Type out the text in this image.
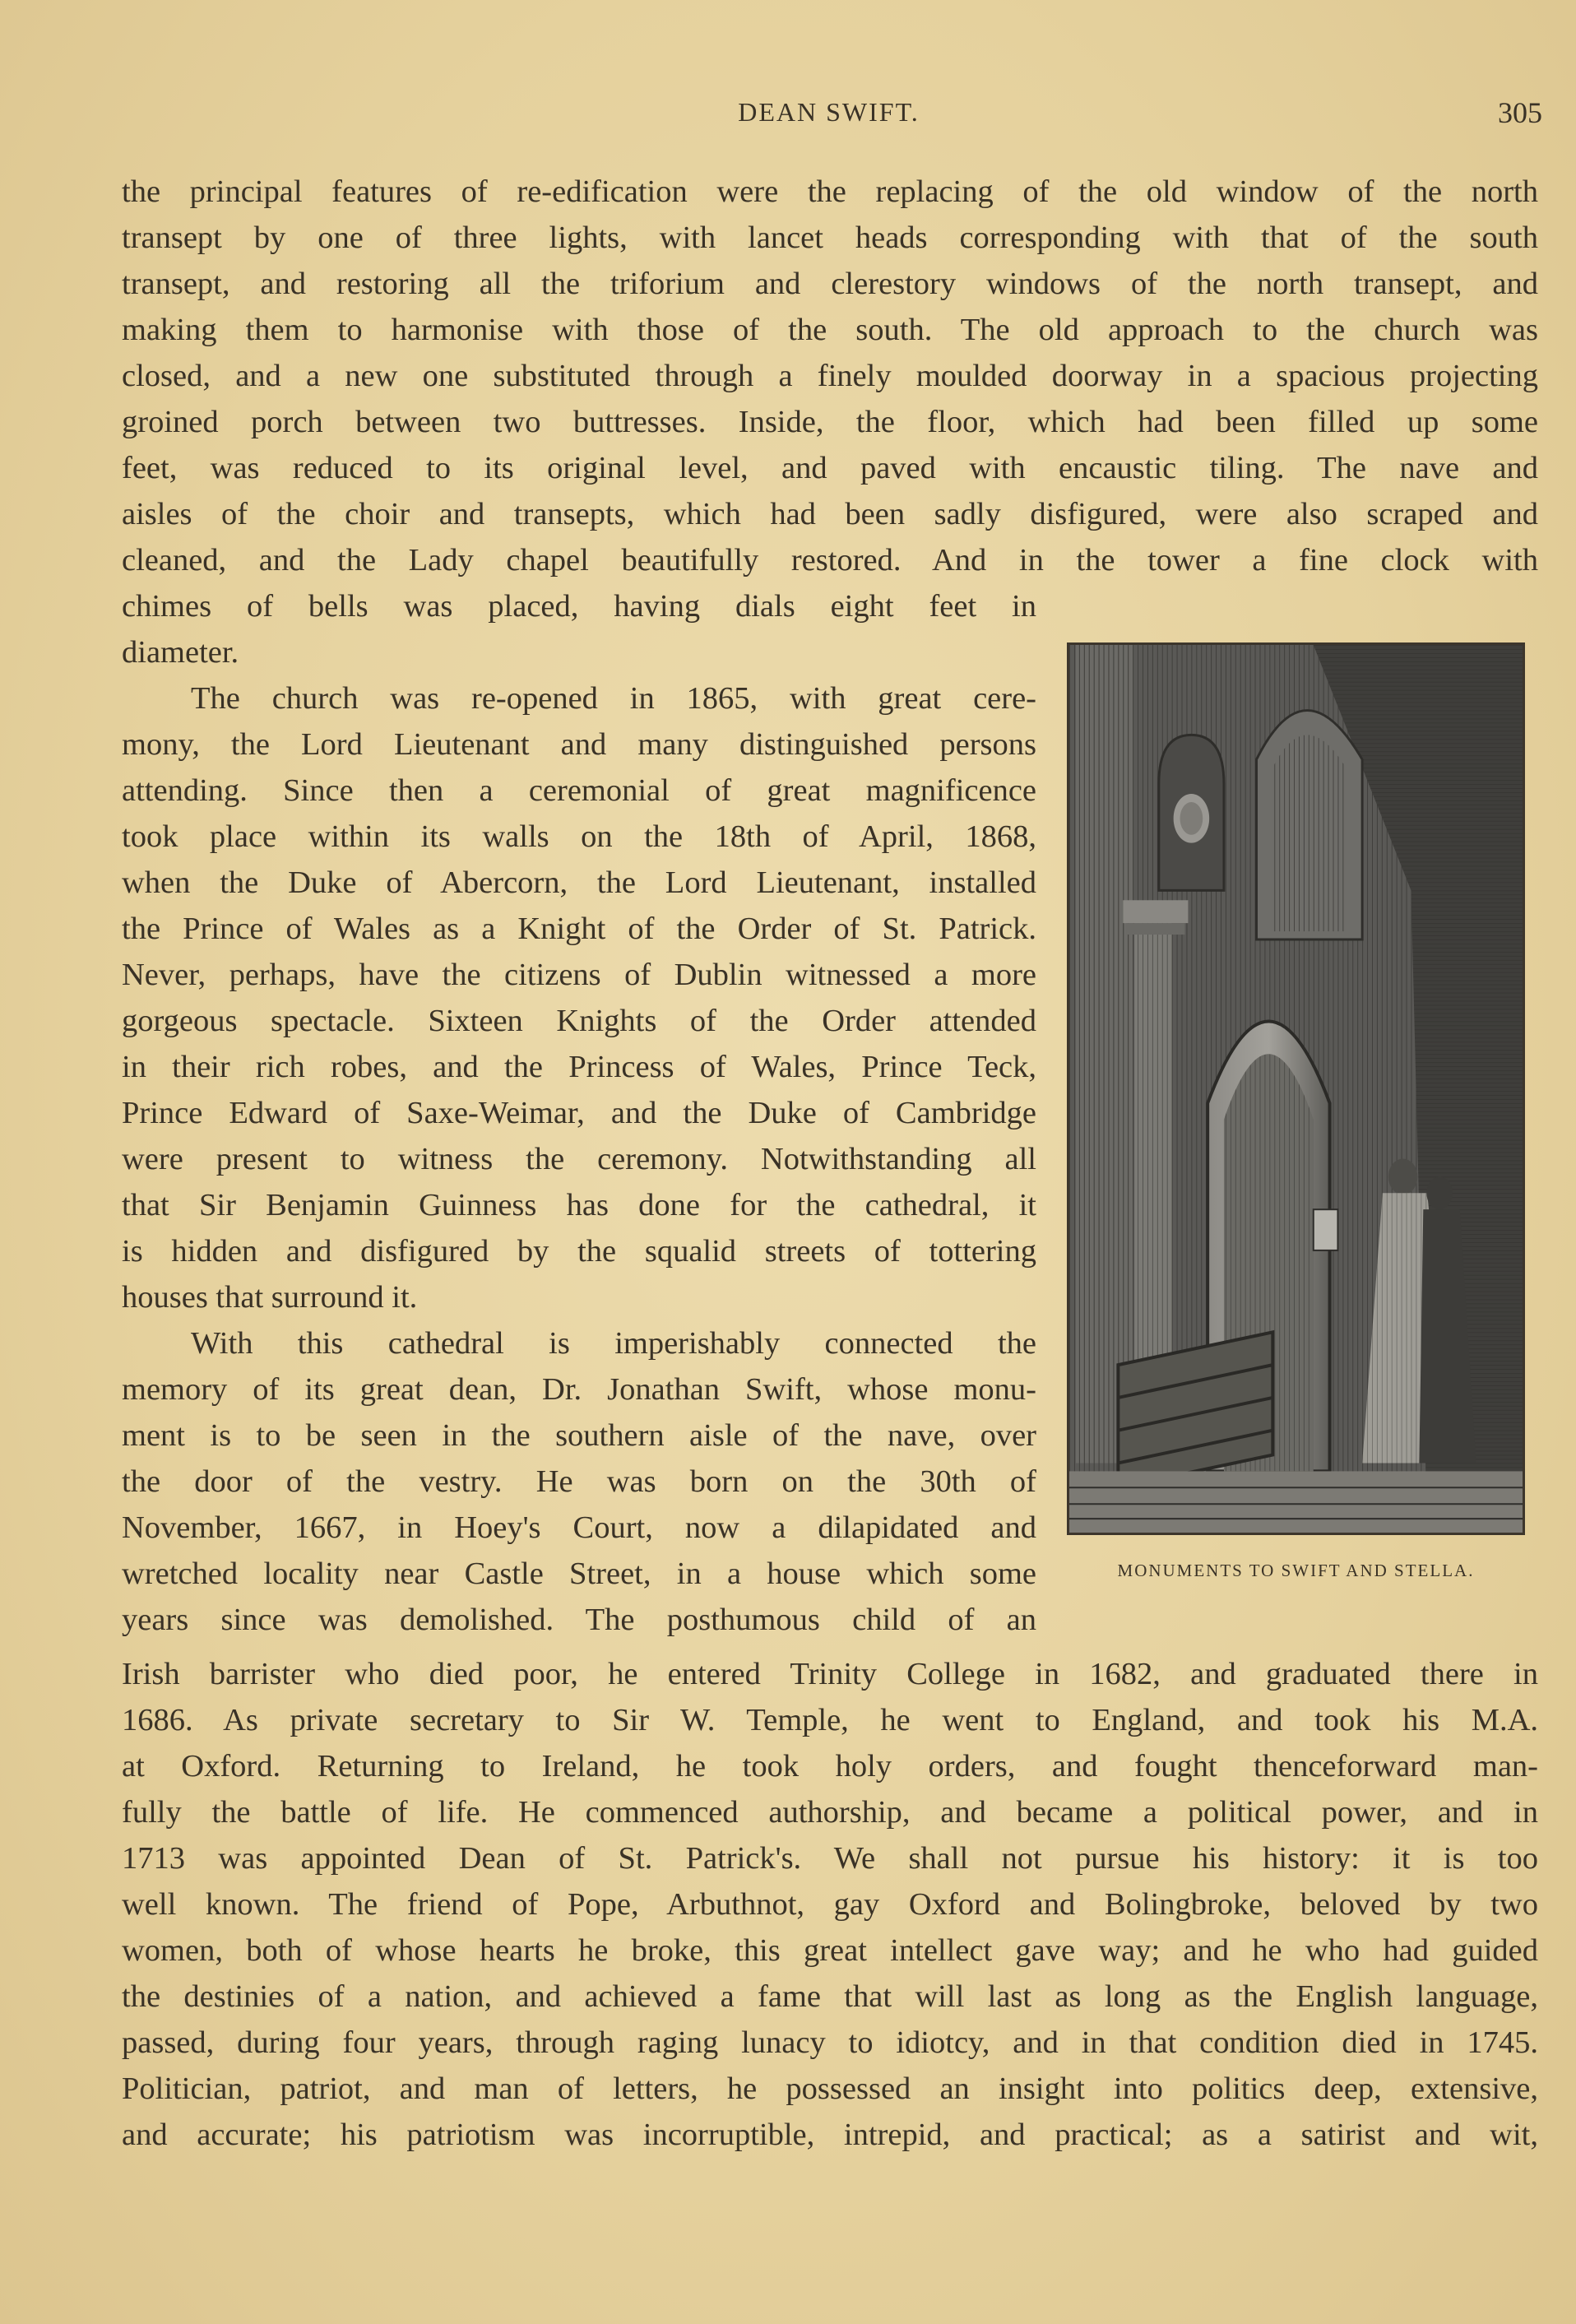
DEAN SWIFT.	305
the principal features of re-edification were the replacing of the old window of the north
transept by one of three lights, with lancet heads corresponding with that of the south
transept, and restoring all the triforium and clerestory windows of the north transept, and
making them to harmonise with those of the south. The old approach to the church was
closed, and a new one substituted through a finely moulded doorway in a spacious projecting
groined porch between two buttresses. Inside, the floor, which had been filled up some
feet, was reduced to its original level, and paved with encaustic tiling. The nave and
aisles of the choir and transepts, which had been sadly disfigured, were also scraped and
cleaned, and the Lady chapel beautifully restored. And in the tower a fine clock with
chimes of bells was placed, having dials eight feet in
diameter.
The church was re-opened in 1865, with great cere-
mony, the Lord Lieutenant and many distinguished persons
attending. Since then a ceremonial of great magnificence
took place within its walls on the 18th of April, 1868,
when the Duke of Abercorn, the Lord Lieutenant, installed
the Prince of Wales as a Knight of the Order of St. Patrick.
Never, perhaps, have the citizens of Dublin witnessed a more
gorgeous spectacle. Sixteen Knights of the Order attended
in their rich robes, and the Princess of Wales, Prince Teck,
Prince Edward of Saxe-Weimar, and the Duke of Cambridge
were present to witness the ceremony. Notwithstanding all
that Sir Benjamin Guinness has done for the cathedral, it
is hidden and disfigured by the squalid streets of tottering
houses that surround it.
With this cathedral is imperishably connected the
memory of its great dean, Dr. Jonathan Swift, whose monu-
ment is to be seen in the southern aisle of the nave, over
the door of the vestry. He was born on the 30th of
November, 1667, in Hoey's Court, now a dilapidated and
wretched locality near Castle Street, in a house which some
years since was demolished. The posthumous child of an
Irish barrister who died poor, he entered Trinity College in 1682, and graduated there in
1686. As private secretary to Sir W. Temple, he went to England, and took his M.A.
at Oxford. Returning to Ireland, he took holy orders, and fought thenceforward man-
fully the battle of life. He commenced authorship, and became a political power, and in
1713 was appointed Dean of St. Patrick's. We shall not pursue his history: it is too
well known. The friend of Pope, Arbuthnot, gay Oxford and Bolingbroke, beloved by two
women, both of whose hearts he broke, this great intellect gave way; and he who had guided
the destinies of a nation, and achieved a fame that will last as long as the English language,
passed, during four years, through raging lunacy to idiotcy, and in that condition died in 1745.
Politician, patriot, and man of letters, he possessed an insight into politics deep, extensive,
and accurate; his patriotism was incorruptible, intrepid, and practical; as a satirist and wit,
MONUMENTS TO SWIFT AND STELLA.
